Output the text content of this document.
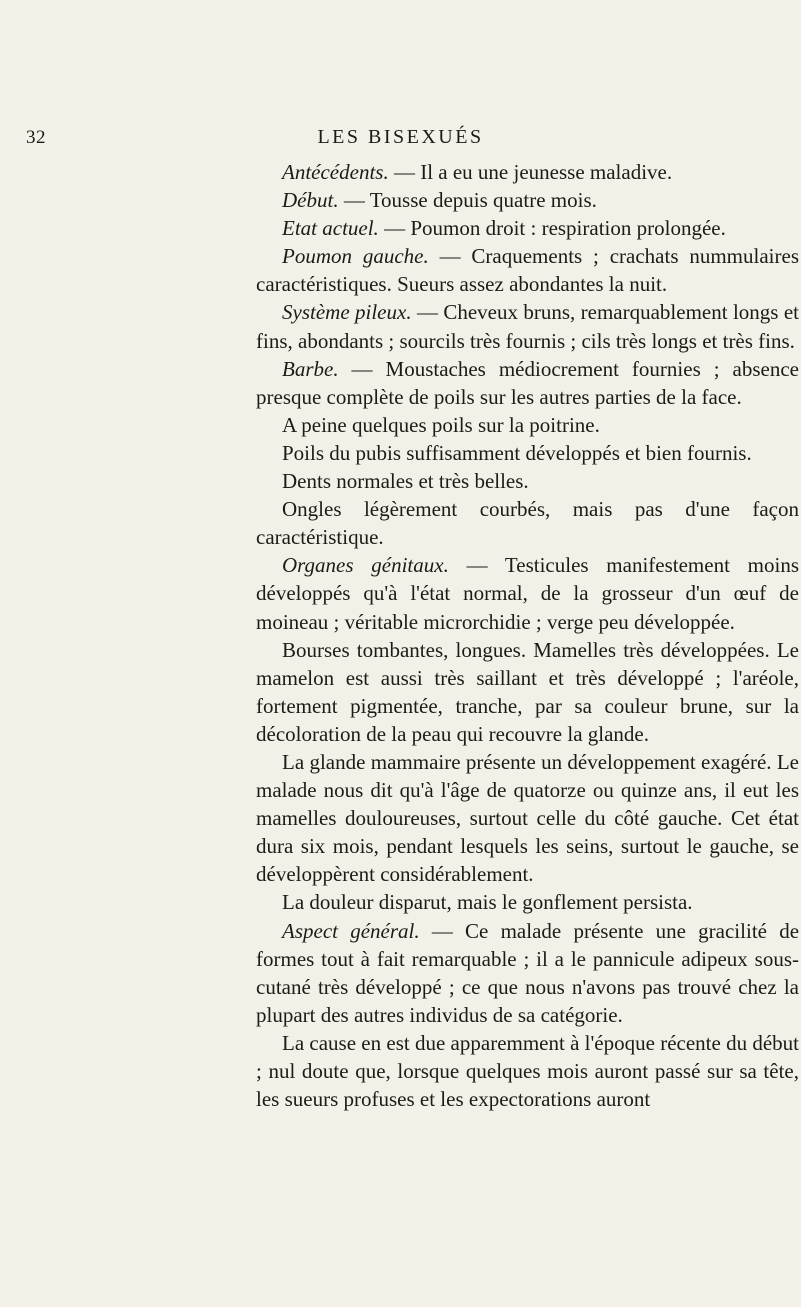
32	LES BISEXUÉS

Antécédents. — Il a eu une jeunesse maladive.

Début. — Tousse depuis quatre mois.

Etat actuel. — Poumon droit : respiration prolongée.

Poumon gauche. — Craquements ; crachats nummulaires caractéristiques. Sueurs assez abondantes la nuit.

Système pileux. — Cheveux bruns, remarquablement longs et fins, abondants ; sourcils très fournis ; cils très longs et très fins.

Barbe. — Moustaches médiocrement fournies ; absence presque complète de poils sur les autres parties de la face.

A peine quelques poils sur la poitrine.

Poils du pubis suffisamment développés et bien fournis.

Dents normales et très belles.

Ongles légèrement courbés, mais pas d'une façon caractéristique.

Organes génitaux. — Testicules manifestement moins développés qu'à l'état normal, de la grosseur d'un œuf de moineau ; véritable microrchidie ; verge peu développée.

Bourses tombantes, longues. Mamelles très développées. Le mamelon est aussi très saillant et très développé ; l'aréole, fortement pigmentée, tranche, par sa couleur brune, sur la décoloration de la peau qui recouvre la glande.

La glande mammaire présente un développement exagéré. Le malade nous dit qu'à l'âge de quatorze ou quinze ans, il eut les mamelles douloureuses, surtout celle du côté gauche. Cet état dura six mois, pendant lesquels les seins, surtout le gauche, se développèrent considérablement.

La douleur disparut, mais le gonflement persista.

Aspect général. — Ce malade présente une gracilité de formes tout à fait remarquable ; il a le pannicule adipeux sous-cutané très développé ; ce que nous n'avons pas trouvé chez la plupart des autres individus de sa catégorie.

La cause en est due apparemment à l'époque récente du début ; nul doute que, lorsque quelques mois auront passé sur sa tête, les sueurs profuses et les expectorations auront
